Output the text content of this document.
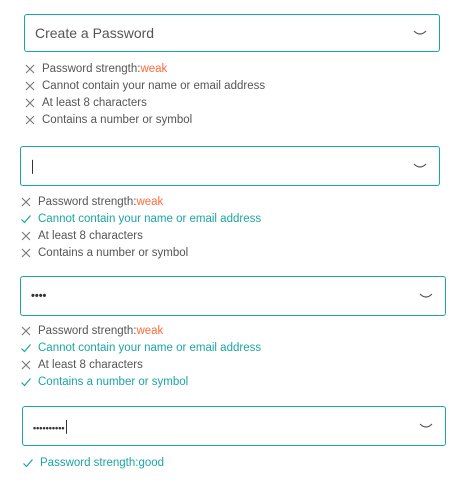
Create a Password
Password strength: weak
Cannot contain your name or email address
At least 8 characters
Contains a number or symbol
Password strength: weak
Cannot contain your name or email address
At least 8 characters
Contains a number or symbol
••••
Password strength: weak
Cannot contain your name or email address
At least 8 characters
Contains a number or symbol
••••••••••
Password strength: good
